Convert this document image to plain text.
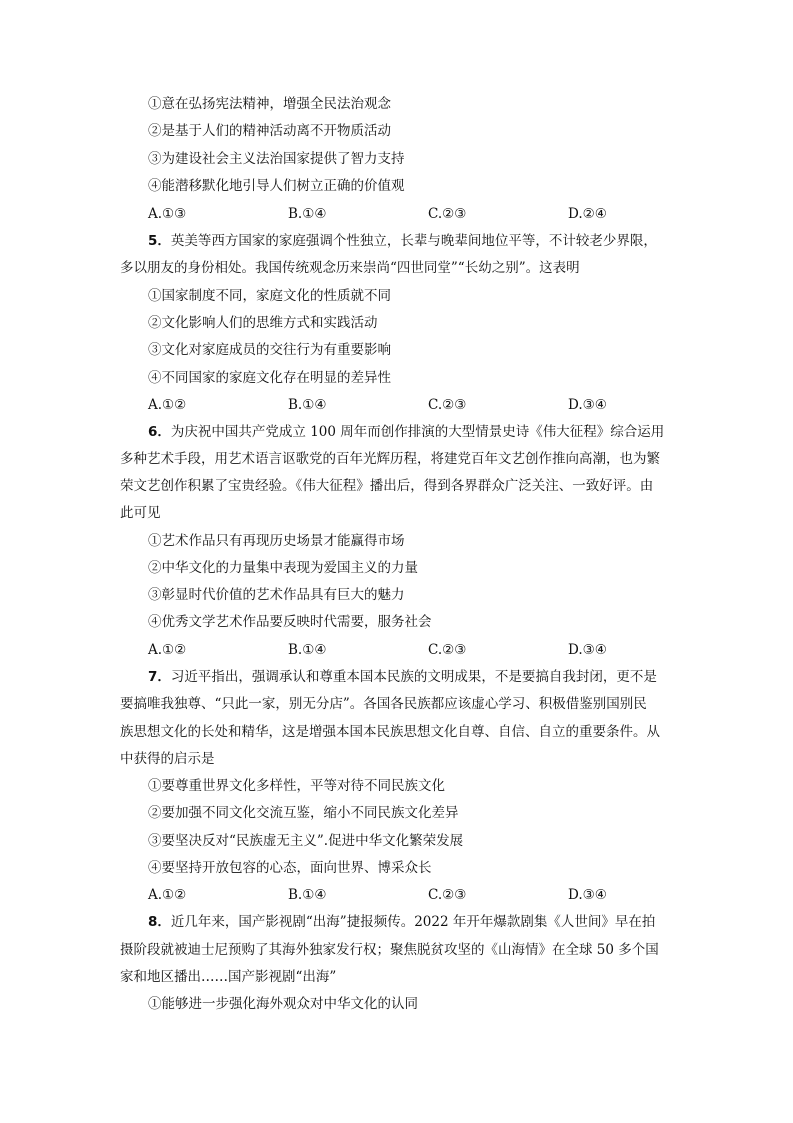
①意在弘扬宪法精神，增强全民法治观念
②是基于人们的精神活动离不开物质活动
③为建设社会主义法治国家提供了智力支持
④能潜移默化地引导人们树立正确的价值观
A.①③	B.①④	C.②③	D.②④
5．英美等西方国家的家庭强调个性独立，长辈与晚辈间地位平等，不计较老少界限，
多以朋友的身份相处。我国传统观念历来崇尚“四世同堂”“长幼之别”。这表明
①国家制度不同，家庭文化的性质就不同
②文化影响人们的思维方式和实践活动
③文化对家庭成员的交往行为有重要影响
④不同国家的家庭文化存在明显的差异性
A.①②	B.①④	C.②③	D.③④
6．为庆祝中国共产党成立 100 周年而创作排演的大型情景史诗《伟大征程》综合运用
多种艺术手段，用艺术语言讴歌党的百年光辉历程，将建党百年文艺创作推向高潮，也为繁
荣文艺创作积累了宝贵经验。《伟大征程》播出后，得到各界群众广泛关注、一致好评。由
此可见
①艺术作品只有再现历史场景才能赢得市场
②中华文化的力量集中表现为爱国主义的力量
③彰显时代价值的艺术作品具有巨大的魅力
④优秀文学艺术作品要反映时代需要，服务社会
A.①②	B.①④	C.②③	D.③④
7．习近平指出，强调承认和尊重本国本民族的文明成果，不是要搞自我封闭，更不是
要搞唯我独尊、“只此一家，别无分店”。各国各民族都应该虚心学习、积极借鉴别国别民
族思想文化的长处和精华，这是增强本国本民族思想文化自尊、自信、自立的重要条件。从
中获得的启示是
①要尊重世界文化多样性，平等对待不同民族文化
②要加强不同文化交流互鉴，缩小不同民族文化差异
③要坚决反对“民族虚无主义”.促进中华文化繁荣发展
④要坚持开放包容的心态，面向世界、博采众长
A.①②	B.①④	C.②③	D.③④
8．近几年来，国产影视剧“出海”捷报频传。2022 年开年爆款剧集《人世间》早在拍
摄阶段就被迪士尼预购了其海外独家发行权；聚焦脱贫攻坚的《山海情》在全球 50 多个国
家和地区播出……国产影视剧“出海”
①能够进一步强化海外观众对中华文化的认同
